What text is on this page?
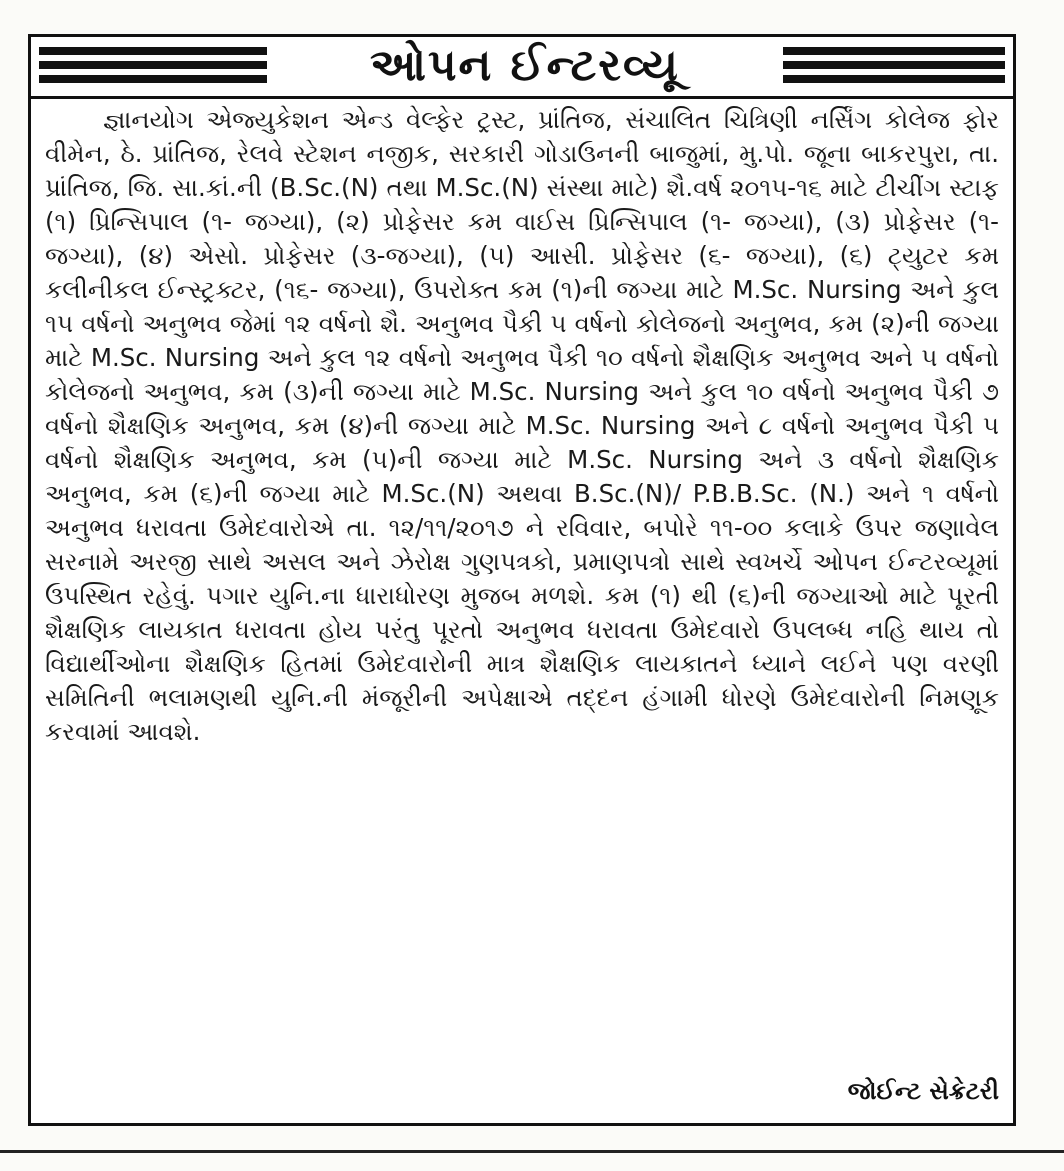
ઓપન ઈન્ટરવ્યૂ

જ્ઞાનયોગ એજ્યુકેશન એન્ડ વેલ્ફેર ટ્રસ્ટ, પ્રાંતિજ, સંચાલિત ચિત્રિણી નર્સિંગ કોલેજ ફોર વીમેન, ઠે. પ્રાંતિજ, રેલવે સ્ટેશન નજીક, સરકારી ગોડાઉનની બાજુમાં, મુ.પો. જૂના બાકરપુરા, તા. પ્રાંતિજ, જિ. સા.કાં.ની (B.Sc.(N) તથા M.Sc.(N) સંસ્થા માટે) શૈ.વર્ષ ૨૦૧૫-૧૬ માટે ટીચીંગ સ્ટાફ (૧) પ્રિન્સિપાલ (૧- જગ્યા), (૨) પ્રોફેસર કમ વાઈસ પ્રિન્સિપાલ (૧- જગ્યા), (૩) પ્રોફેસર (૧- જગ્યા), (૪) એસો. પ્રોફેસર (૩-જગ્યા), (૫) આસી. પ્રોફેસર (૬- જગ્યા), (૬) ટ્યુટર કમ કલીનીકલ ઈન્સ્ટ્રક્ટર, (૧૬- જગ્યા), ઉપરોક્ત કમ (૧)ની જગ્યા માટે M.Sc. Nursing અને કુલ ૧૫ વર્ષનો અનુભવ જેમાં ૧૨ વર્ષનો શૈ. અનુભવ પૈકી ૫ વર્ષનો કોલેજનો અનુભવ, કમ (૨)ની જગ્યા માટે M.Sc. Nursing અને કુલ ૧૨ વર્ષનો અનુભવ પૈકી ૧૦ વર્ષનો શૈક્ષણિક અનુભવ અને ૫ વર્ષનો કોલેજનો અનુભવ, કમ (૩)ની જગ્યા માટે M.Sc. Nursing અને કુલ ૧૦ વર્ષનો અનુભવ પૈકી ૭ વર્ષનો શૈક્ષણિક અનુભવ, કમ (૪)ની જગ્યા માટે M.Sc. Nursing અને ૮ વર્ષનો અનુભવ પૈકી ૫ વર્ષનો શૈક્ષણિક અનુભવ, કમ (૫)ની જગ્યા માટે M.Sc. Nursing અને ૩ વર્ષનો શૈક્ષણિક અનુભવ, કમ (૬)ની જગ્યા માટે M.Sc.(N) અથવા B.Sc.(N)/ P.B.B.Sc. (N.) અને ૧ વર્ષનો અનુભવ ધરાવતા ઉમેદવારોએ તા. ૧૨/૧૧/૨૦૧૭ ને રવિવાર, બપોરે ૧૧-૦૦ કલાકે ઉપર જણાવેલ સરનામે અરજી સાથે અસલ અને ઝેરોક્ષ ગુણપત્રકો, પ્રમાણપત્રો સાથે સ્વખર્ચે ઓપન ઈન્ટરવ્યૂમાં ઉપસ્થિત રહેવું. પગાર યુનિ.ના ધારાધોરણ મુજબ મળશે. કમ (૧) થી (૬)ની જગ્યાઓ માટે પૂરતી શૈક્ષણિક લાયકાત ધરાવતા હોય પરંતુ પૂરતો અનુભવ ધરાવતા ઉમેદવારો ઉપલબ્ધ નહિ થાય તો વિદ્યાર્થીઓના શૈક્ષણિક હિતમાં ઉમેદવારોની માત્ર શૈક્ષણિક લાયકાતને ધ્યાને લઈને પણ વરણી સમિતિની ભલામણથી યુનિ.ની મંજૂરીની અપેક્ષાએ તદ્દન હંગામી ધોરણે ઉમેદવારોની નિમણૂક કરવામાં આવશે.

જોઈન્ટ સેક્રેટરી
